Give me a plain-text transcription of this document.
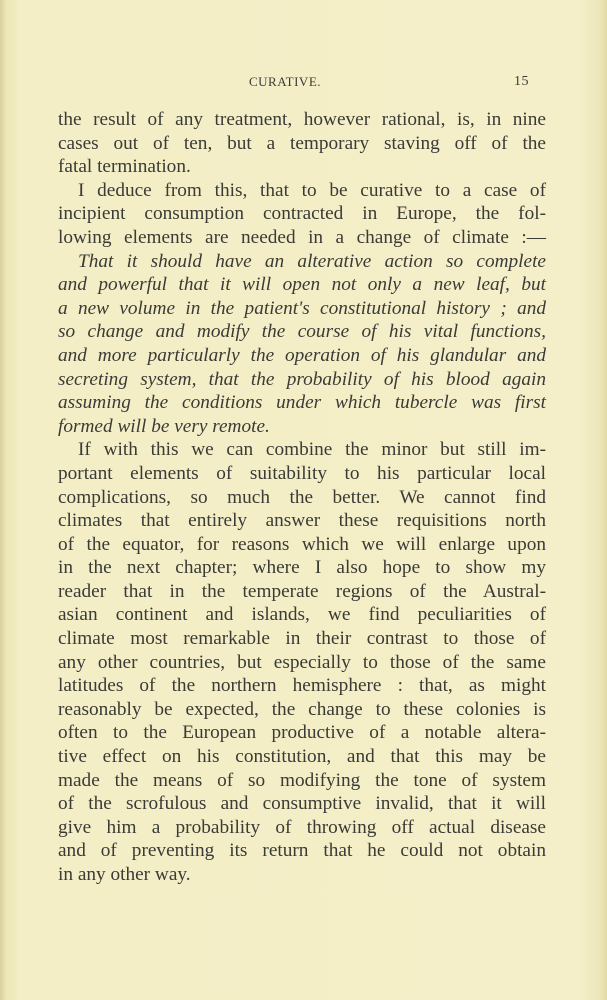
CURATIVE.	15
the result of any treatment, however rational, is, in nine
cases out of ten, but a temporary staving off of the
fatal termination.
I deduce from this, that to be curative to a case of
incipient consumption contracted in Europe, the fol-
lowing elements are needed in a change of climate :—
That it should have an alterative action so complete
and powerful that it will open not only a new leaf, but
a new volume in the patient's constitutional history ; and
so change and modify the course of his vital functions,
and more particularly the operation of his glandular and
secreting system, that the probability of his blood again
assuming the conditions under which tubercle was first
formed will be very remote.
If with this we can combine the minor but still im-
portant elements of suitability to his particular local
complications, so much the better. We cannot find
climates that entirely answer these requisitions north
of the equator, for reasons which we will enlarge upon
in the next chapter; where I also hope to show my
reader that in the temperate regions of the Austral-
asian continent and islands, we find peculiarities of
climate most remarkable in their contrast to those of
any other countries, but especially to those of the same
latitudes of the northern hemisphere : that, as might
reasonably be expected, the change to these colonies is
often to the European productive of a notable altera-
tive effect on his constitution, and that this may be
made the means of so modifying the tone of system
of the scrofulous and consumptive invalid, that it will
give him a probability of throwing off actual disease
and of preventing its return that he could not obtain
in any other way.
